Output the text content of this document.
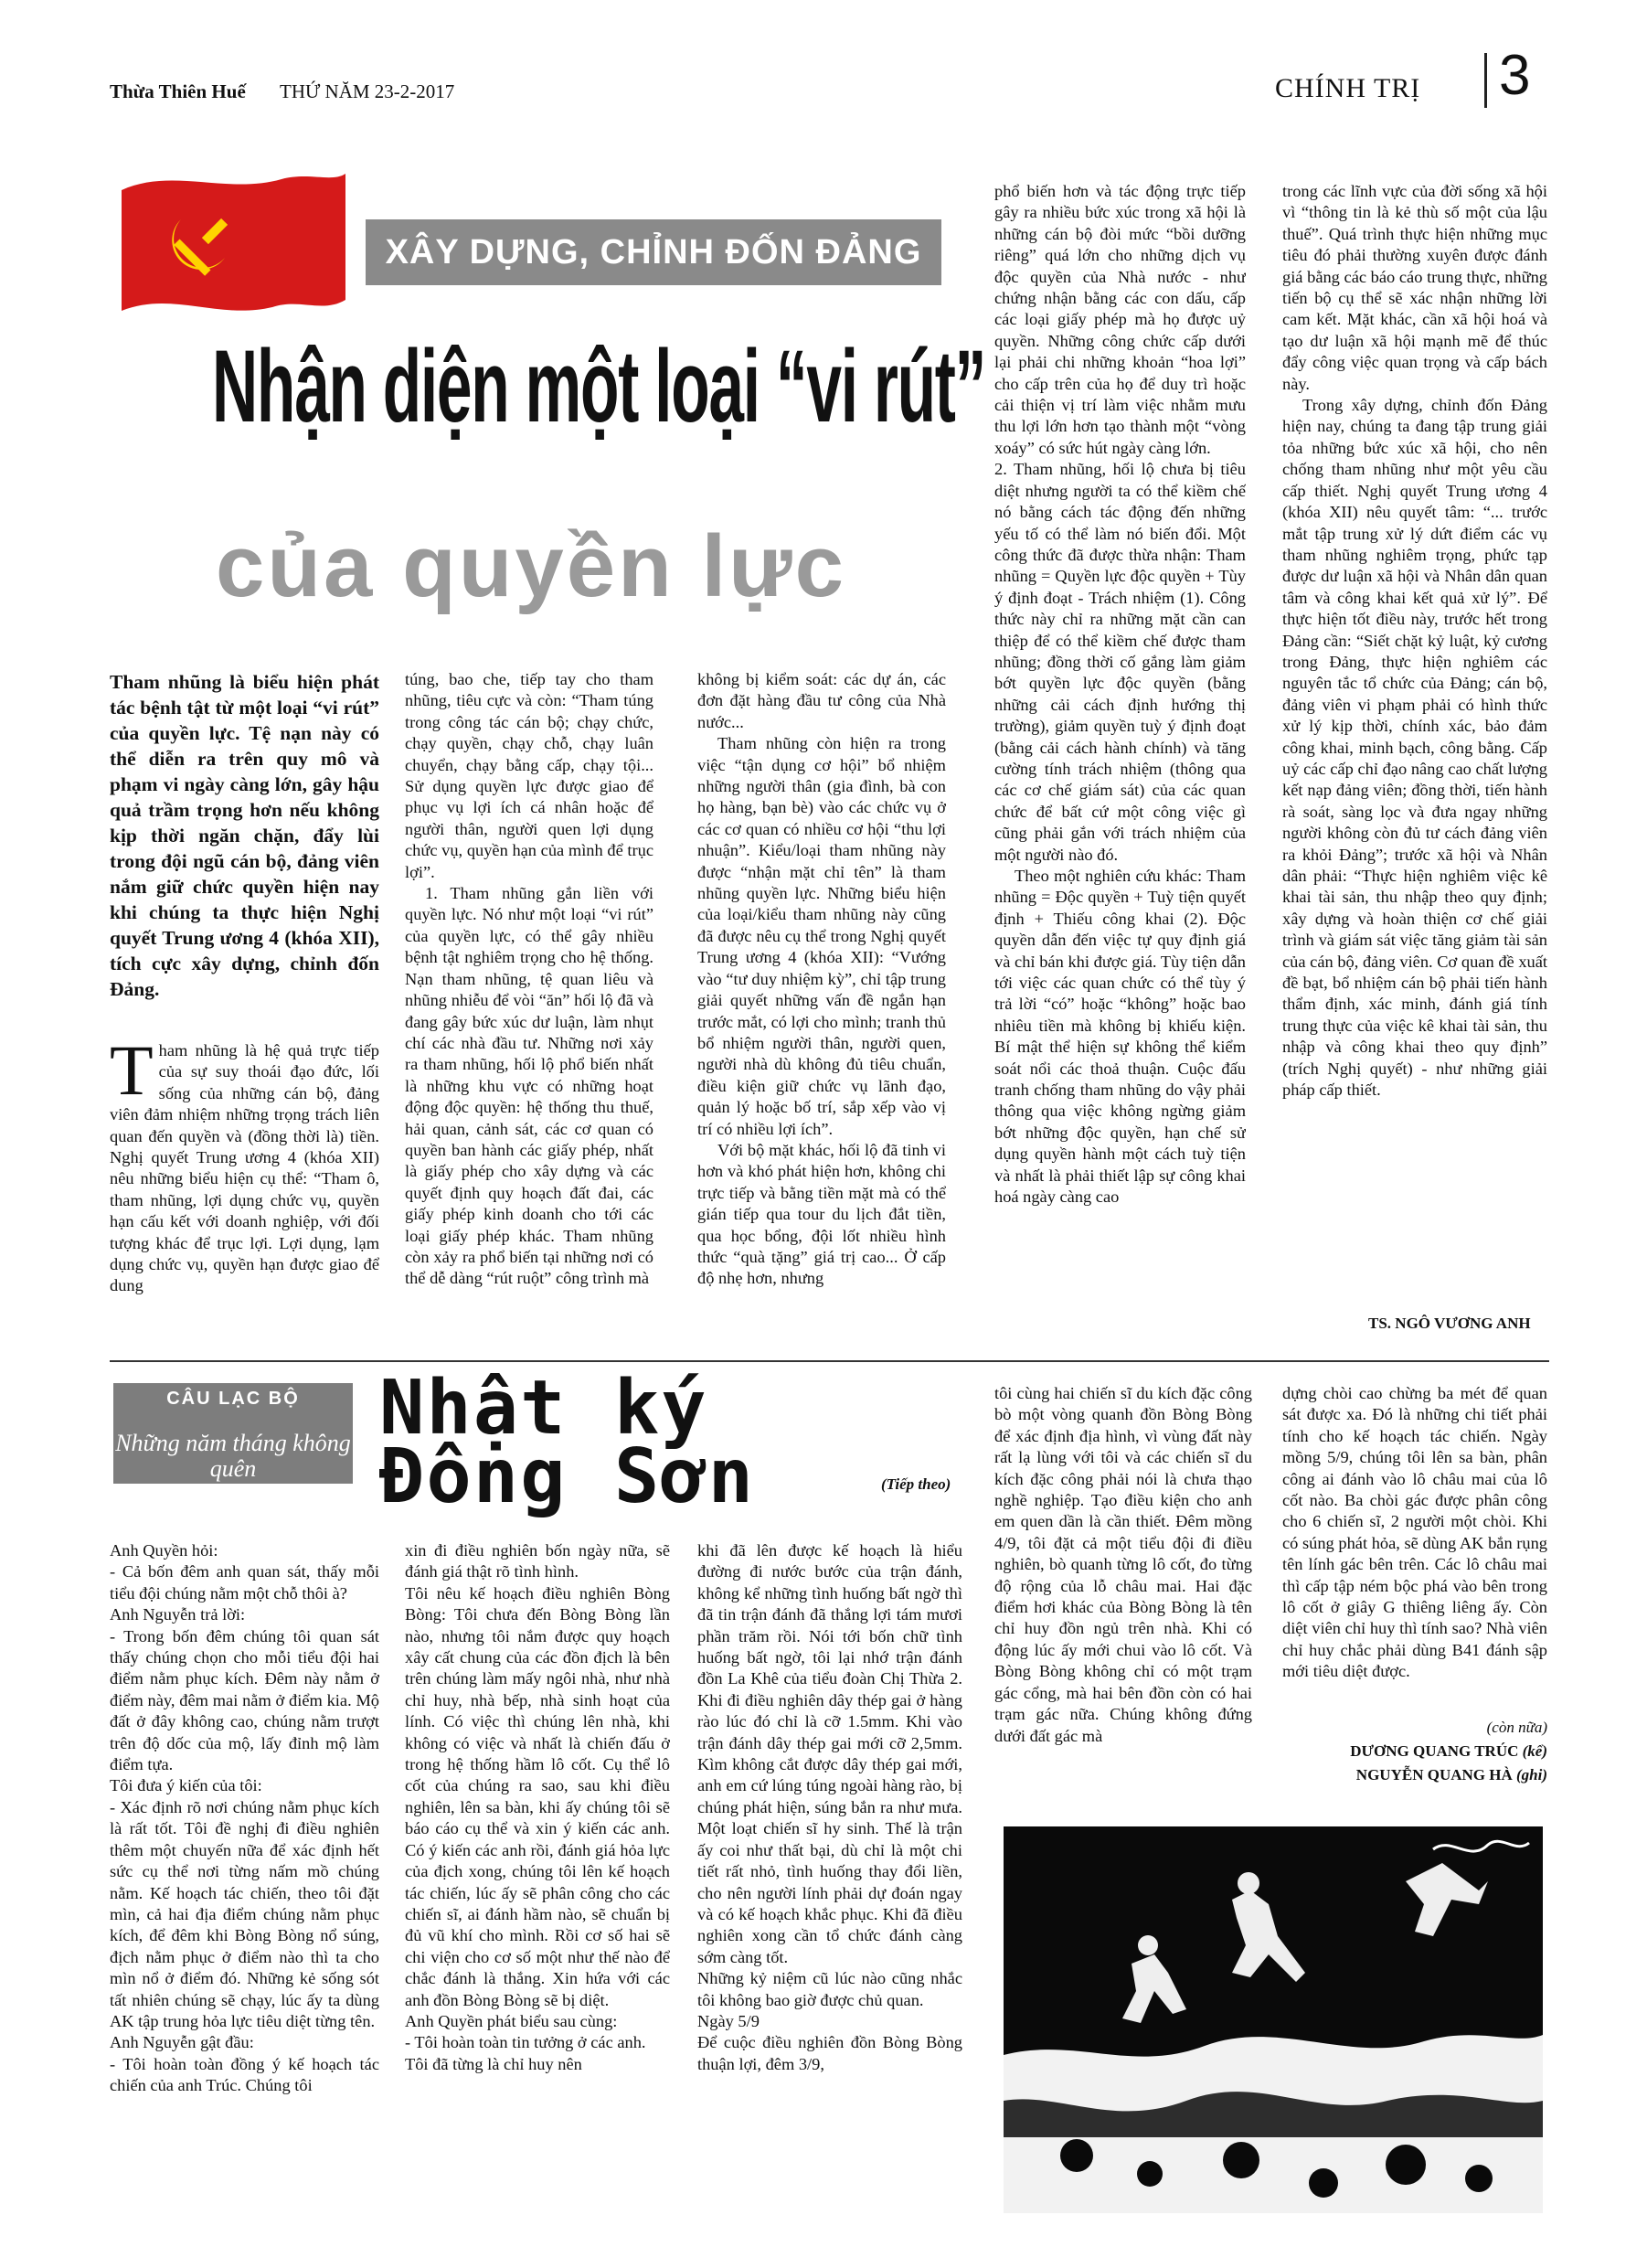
Thừa Thiên Huế THỨ NĂM 23-2-2017	CHÍNH TRỊ 3
XÂY DỰNG, CHỈNH ĐỐN ĐẢNG
Nhận diện một loại “vi rút”
của quyền lực
Tham nhũng là biểu hiện phát tác bệnh tật từ một loại “vi rút” của quyền lực. Tệ nạn này có thể diễn ra trên quy mô và phạm vi ngày càng lớn, gây hậu quả trầm trọng hơn nếu không kịp thời ngăn chặn, đẩy lùi trong đội ngũ cán bộ, đảng viên nắm giữ chức quyền hiện nay khi chúng ta thực hiện Nghị quyết Trung ương 4 (khóa XII), tích cực xây dựng, chỉnh đốn Đảng.
Tham nhũng là hệ quả trực tiếp của sự suy thoái đạo đức, lối sống của những cán bộ, đảng viên đảm nhiệm những trọng trách liên quan đến quyền và (đồng thời là) tiền. Nghị quyết Trung ương 4 (khóa XII) nêu những biểu hiện cụ thể: “Tham ô, tham nhũng, lợi dụng chức vụ, quyền hạn cấu kết với doanh nghiệp, với đối tượng khác để trục lợi. Lợi dụng, lạm dụng chức vụ, quyền hạn được giao để dung

túng, bao che, tiếp tay cho tham nhũng, tiêu cực và còn: “Tham túng trong công tác cán bộ; chạy chức, chạy quyền, chạy chỗ, chạy luân chuyển, chạy bằng cấp, chạy tội... Sử dụng quyền lực được giao để phục vụ lợi ích cá nhân hoặc để người thân, người quen lợi dụng chức vụ, quyền hạn của mình để trục lợi”.

1. Tham nhũng gắn liền với quyền lực. Nó như một loại “vi rút” của quyền lực, có thể gây nhiều bệnh tật nghiêm trọng cho hệ thống. Nạn tham nhũng, tệ quan liêu và nhũng nhiễu để vòi “ăn” hối lộ đã và đang gây bức xúc dư luận, làm nhụt chí các nhà đầu tư. Những nơi xảy ra tham nhũng, hối lộ phổ biến nhất là những khu vực có những hoạt động độc quyền: hệ thống thu thuế, hải quan, cảnh sát, các cơ quan có quyền ban hành các giấy phép, nhất là giấy phép cho xây dựng và các quyết định quy hoạch đất đai, các giấy phép kinh doanh cho tới các loại giấy phép khác. Tham nhũng còn xảy ra phổ biến tại những nơi có thể dễ dàng “rút ruột” công trình mà

không bị kiểm soát: các dự án, các đơn đặt hàng đầu tư công của Nhà nước...

Tham nhũng còn hiện ra trong việc “tận dụng cơ hội” bổ nhiệm những người thân (gia đình, bà con họ hàng, bạn bè) vào các chức vụ ở các cơ quan có nhiều cơ hội “thu lợi nhuận”. Kiểu/loại tham nhũng này được “nhận mặt chỉ tên” là tham nhũng quyền lực. Những biểu hiện của loại/kiểu tham nhũng này cũng đã được nêu cụ thể trong Nghị quyết Trung ương 4 (khóa XII): “Vướng vào “tư duy nhiệm kỳ”, chỉ tập trung giải quyết những vấn đề ngắn hạn trước mắt, có lợi cho mình; tranh thủ bổ nhiệm người thân, người quen, người nhà dù không đủ tiêu chuẩn, điều kiện giữ chức vụ lãnh đạo, quản lý hoặc bố trí, sắp xếp vào vị trí có nhiều lợi ích”.

Với bộ mặt khác, hối lộ đã tinh vi hơn và khó phát hiện hơn, không chi trực tiếp và bằng tiền mặt mà có thể gián tiếp qua tour du lịch đắt tiền, qua học bổng, đội lốt nhiều hình thức “quà tặng” giá trị cao... Ở cấp độ nhẹ hơn, nhưng

phổ biến hơn và tác động trực tiếp gây ra nhiều bức xúc trong xã hội là những cán bộ đòi mức “bồi dưỡng riêng” quá lớn cho những dịch vụ độc quyền của Nhà nước - như chứng nhận bằng các con dấu, cấp các loại giấy phép mà họ được uỷ quyền. Những công chức cấp dưới lại phải chi những khoản “hoa lợi” cho cấp trên của họ để duy trì hoặc cải thiện vị trí làm việc nhằm mưu thu lợi lớn hơn tạo thành một “vòng xoáy” có sức hút ngày càng lớn.

2. Tham nhũng, hối lộ chưa bị tiêu diệt nhưng người ta có thể kiềm chế nó bằng cách tác động đến những yếu tố có thể làm nó biến đổi. Một công thức đã được thừa nhận: Tham nhũng = Quyền lực độc quyền + Tùy ý định đoạt - Trách nhiệm (1). Công thức này chỉ ra những mặt cần can thiệp để có thể kiềm chế được tham nhũng; đồng thời cố gắng làm giảm bớt quyền lực độc quyền (bằng những cải cách định hướng thị trường), giảm quyền tuỳ ý định đoạt (bằng cải cách hành chính) và tăng cường tính trách nhiệm (thông qua các cơ chế giám sát) của các quan chức để bất cứ một công việc gì cũng phải gắn với trách nhiệm của một người nào đó.

Theo một nghiên cứu khác: Tham nhũng = Độc quyền + Tuỳ tiện quyết định + Thiếu công khai (2). Độc quyền dẫn đến việc tự quy định giá và chỉ bán khi được giá. Tùy tiện dẫn tới việc các quan chức có thể tùy ý trả lời “có” hoặc “không” hoặc bao nhiêu tiền mà không bị khiếu kiện. Bí mật thể hiện sự không thể kiểm soát nổi các thoả thuận. Cuộc đấu tranh chống tham nhũng do vậy phải thông qua việc không ngừng giảm bớt những độc quyền, hạn chế sử dụng quyền hành một cách tuỳ tiện và nhất là phải thiết lập sự công khai hoá ngày càng cao

trong các lĩnh vực của đời sống xã hội vì “thông tin là kẻ thù số một của lậu thuế”. Quá trình thực hiện những mục tiêu đó phải thường xuyên được đánh giá bằng các báo cáo trung thực, những tiến bộ cụ thể sẽ xác nhận những lời cam kết. Mặt khác, cần xã hội hoá và tạo dư luận xã hội mạnh mẽ để thúc đẩy công việc quan trọng và cấp bách này.

Trong xây dựng, chỉnh đốn Đảng hiện nay, chúng ta đang tập trung giải tỏa những bức xúc xã hội, cho nên chống tham nhũng như một yêu cầu cấp thiết. Nghị quyết Trung ương 4 (khóa XII) nêu quyết tâm: “... trước mắt tập trung xử lý dứt điểm các vụ tham nhũng nghiêm trọng, phức tạp được dư luận xã hội và Nhân dân quan tâm và công khai kết quả xử lý”. Để thực hiện tốt điều này, trước hết trong Đảng cần: “Siết chặt kỷ luật, kỷ cương trong Đảng, thực hiện nghiêm các nguyên tắc tổ chức của Đảng; cán bộ, đảng viên vi phạm phải có hình thức xử lý kịp thời, chính xác, bảo đảm công khai, minh bạch, công bằng. Cấp uỷ các cấp chỉ đạo nâng cao chất lượng kết nạp đảng viên; đồng thời, tiến hành rà soát, sàng lọc và đưa ngay những người không còn đủ tư cách đảng viên ra khỏi Đảng”; trước xã hội và Nhân dân phải: “Thực hiện nghiêm việc kê khai tài sản, thu nhập theo quy định; xây dựng và hoàn thiện cơ chế giải trình và giám sát việc tăng giảm tài sản của cán bộ, đảng viên. Cơ quan đề xuất đề bạt, bổ nhiệm cán bộ phải tiến hành thẩm định, xác minh, đánh giá tính trung thực của việc kê khai tài sản, thu nhập và công khai theo quy định” (trích Nghị quyết) - như những giải pháp cấp thiết.

TS. NGÔ VƯƠNG ANH
CÂU LẠC BỘ
Những năm tháng không quên
Nhật ký
Đông Sơn	(Tiếp theo)
Anh Quyền hỏi:
- Cả bốn đêm anh quan sát, thấy mỗi tiểu đội chúng nằm một chỗ thôi à?
Anh Nguyễn trả lời:
- Trong bốn đêm chúng tôi quan sát thấy chúng chọn cho mỗi tiểu đội hai điểm nằm phục kích. Đêm này nằm ở điểm này, đêm mai nằm ở điểm kia. Mộ đất ở đây không cao, chúng nằm trượt trên độ dốc của mộ, lấy đỉnh mộ làm điểm tựa.
Tôi đưa ý kiến của tôi:
- Xác định rõ nơi chúng nằm phục kích là rất tốt. Tôi đề nghị đi điều nghiên thêm một chuyến nữa để xác định hết sức cụ thể nơi từng nấm mồ chúng nằm. Kế hoạch tác chiến, theo tôi đặt mìn, cả hai địa điểm chúng nằm phục kích, để đêm khi Bòng Bòng nổ súng, địch nằm phục ở điểm nào thì ta cho mìn nổ ở điểm đó. Những kẻ sống sót tất nhiên chúng sẽ chạy, lúc ấy ta dùng AK tập trung hỏa lực tiêu diệt từng tên.
Anh Nguyễn gật đầu:
- Tôi hoàn toàn đồng ý kế hoạch tác chiến của anh Trúc. Chúng tôi
xin đi điều nghiên bốn ngày nữa, sẽ đánh giá thật rõ tình hình.
Tôi nêu kế hoạch điều nghiên Bòng Bòng: Tôi chưa đến Bòng Bòng lần nào, nhưng tôi nắm được quy hoạch xây cất chung của các đồn địch là bên trên chúng làm mấy ngôi nhà, như nhà chỉ huy, nhà bếp, nhà sinh hoạt của lính. Có việc thì chúng lên nhà, khi không có việc và nhất là chiến đấu ở trong hệ thống hầm lô cốt. Cụ thể lô cốt của chúng ra sao, sau khi điều nghiên, lên sa bàn, khi ấy chúng tôi sẽ báo cáo cụ thể và xin ý kiến các anh. Có ý kiến các anh rồi, đánh giá hỏa lực của địch xong, chúng tôi lên kế hoạch tác chiến, lúc ấy sẽ phân công cho các chiến sĩ, ai đánh hầm nào, sẽ chuẩn bị đủ vũ khí cho mình. Rồi cơ số hai sẽ chi viện cho cơ số một như thế nào để chắc đánh là thắng. Xin hứa với các anh đồn Bòng Bòng sẽ bị diệt.
Anh Quyền phát biểu sau cùng:
- Tôi hoàn toàn tin tưởng ở các anh.
Tôi đã từng là chỉ huy nên
khi đã lên được kế hoạch là hiểu đường đi nước bước của trận đánh, không kể những tình huống bất ngờ thì đã tin trận đánh đã thắng lợi tám mươi phần trăm rồi. Nói tới bốn chữ tình huống bất ngờ, tôi lại nhớ trận đánh đồn La Khê của tiểu đoàn Chị Thừa 2. Khi đi điều nghiên dây thép gai ở hàng rào lúc đó chỉ là cỡ 1.5mm. Khi vào trận đánh dây thép gai mới cỡ 2,5mm. Kìm không cắt được dây thép gai mới, anh em cứ lúng túng ngoài hàng rào, bị chúng phát hiện, súng bắn ra như mưa. Một loạt chiến sĩ hy sinh. Thế là trận ấy coi như thất bại, dù chỉ là một chi tiết rất nhỏ, tình huống thay đổi liền, cho nên người lính phải dự đoán ngay và có kế hoạch khắc phục. Khi đã điều nghiên xong cần tổ chức đánh càng sớm càng tốt.
Những kỷ niệm cũ lúc nào cũng nhắc tôi không bao giờ được chủ quan.
Ngày 5/9
Để cuộc điều nghiên đồn Bòng Bòng thuận lợi, đêm 3/9,
tôi cùng hai chiến sĩ du kích đặc công bò một vòng quanh đồn Bòng Bòng để xác định địa hình, vì vùng đất này rất lạ lùng với tôi và các chiến sĩ du kích đặc công phải nói là chưa thạo nghề nghiệp. Tạo điều kiện cho anh em quen dần là cần thiết. Đêm mồng 4/9, tôi đặt cả một tiểu đội đi điều nghiên, bò quanh từng lô cốt, đo từng độ rộng của lỗ châu mai. Hai đặc điểm hơi khác của Bòng Bòng là tên chỉ huy đồn ngủ trên nhà. Khi có động lúc ấy mới chui vào lô cốt. Và Bòng Bòng không chỉ có một trạm gác cổng, mà hai bên đồn còn có hai trạm gác nữa. Chúng không đứng dưới đất gác mà
dựng chòi cao chừng ba mét để quan sát được xa. Đó là những chi tiết phải tính cho kế hoạch tác chiến. Ngày mồng 5/9, chúng tôi lên sa bàn, phân công ai đánh vào lô châu mai của lô cốt nào. Ba chòi gác được phân công cho 6 chiến sĩ, 2 người một chòi. Khi có súng phát hỏa, sẽ dùng AK bắn rụng tên lính gác bên trên. Các lô châu mai thì cấp tập ném bộc phá vào bên trong lô cốt ở giây G thiêng liêng ấy. Còn diệt viên chỉ huy thì tính sao? Nhà viên chỉ huy chắc phải dùng B41 đánh sập mới tiêu diệt được.
(còn nữa)
DƯƠNG QUANG TRÚC (kể)
NGUYỄN QUANG HÀ (ghi)
